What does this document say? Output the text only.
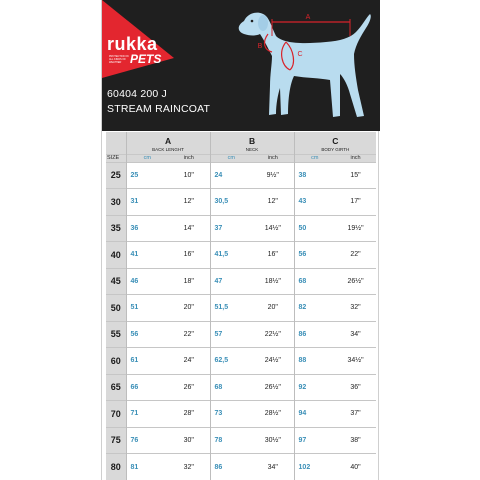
rukka
PETS
PROTECTION IN ALL KINDS OF WEATHER
60404 200 J
STREAM RAINCOAT
A
B
C

	A
BACK LENGHT		B
NECK		C
BODY GIRTH	
SIZE	cm	inch	cm	inch	cm	inch
25	25	10"	24	9½"	38	15"
30	31	12"	30,5	12"	43	17"
35	36	14"	37	14½"	50	19½"
40	41	16"	41,5	16"	56	22"
45	46	18"	47	18½"	68	26½"
50	51	20"	51,5	20"	82	32"
55	56	22"	57	22½"	86	34"
60	61	24"	62,5	24½"	88	34½"
65	66	26"	68	26½"	92	36"
70	71	28"	73	28½"	94	37"
75	76	30"	78	30½"	97	38"
80	81	32"	86	34"	102	40"
